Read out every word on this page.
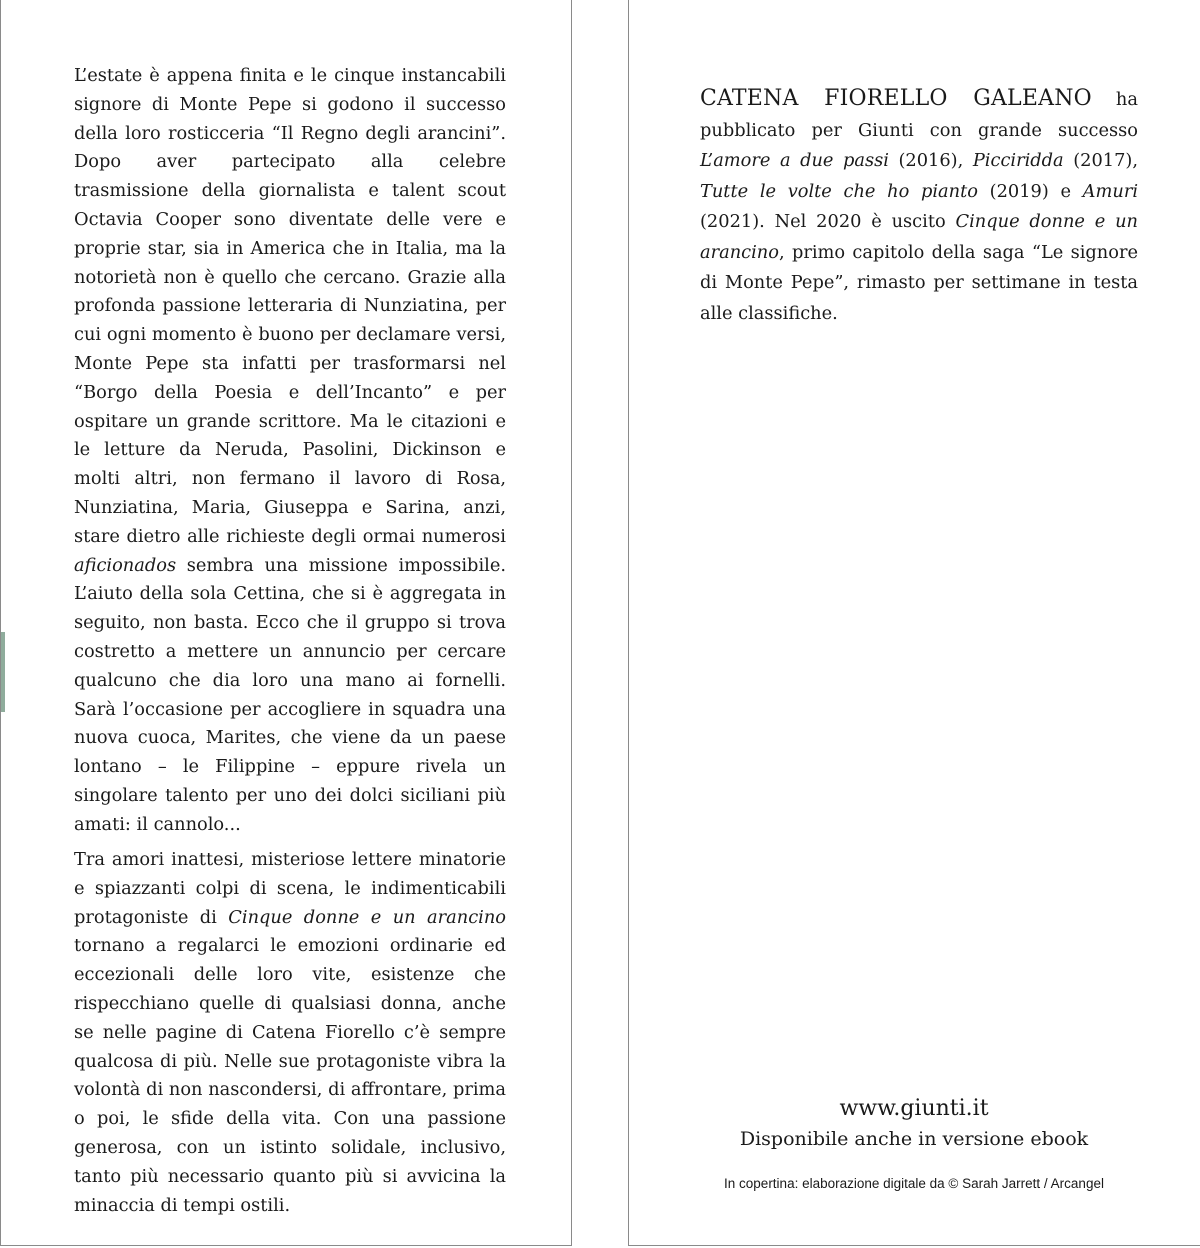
L’estate è appena finita e le cinque instancabili signore di Monte Pepe si godono il successo della loro rosticceria “Il Regno degli arancini”. Dopo aver partecipato alla celebre trasmissione della giornalista e talent scout Octavia Cooper sono diventate delle vere e proprie star, sia in America che in Italia, ma la notorietà non è quello che cercano. Grazie alla profonda passione letteraria di Nunziatina, per cui ogni momento è buono per declamare versi, Monte Pepe sta infatti per trasformarsi nel “Borgo della Poesia e dell’Incanto” e per ospitare un grande scrittore. Ma le citazioni e le letture da Neruda, Pasolini, Dickinson e molti altri, non fermano il lavoro di Rosa, Nunziatina, Maria, Giuseppa e Sarina, anzi, stare dietro alle richieste degli ormai numerosi aficionados sembra una missione impossibile. L’aiuto della sola Cettina, che si è aggregata in seguito, non basta. Ecco che il gruppo si trova costretto a mettere un annuncio per cercare qualcuno che dia loro una mano ai fornelli. Sarà l’occasione per accogliere in squadra una nuova cuoca, Marites, che viene da un paese lontano – le Filippine – eppure rivela un singolare talento per uno dei dolci siciliani più amati: il cannolo...

Tra amori inattesi, misteriose lettere minatorie e spiazzanti colpi di scena, le indimenticabili protagoniste di Cinque donne e un arancino tornano a regalarci le emozioni ordinarie ed eccezionali delle loro vite, esistenze che rispecchiano quelle di qualsiasi donna, anche se nelle pagine di Catena Fiorello c’è sempre qualcosa di più. Nelle sue protagoniste vibra la volontà di non nascondersi, di affrontare, prima o poi, le sfide della vita. Con una passione generosa, con un istinto solidale, inclusivo, tanto più necessario quanto più si avvicina la minaccia di tempi ostili.

CATENA FIORELLO GALEANO ha pubblicato per Giunti con grande successo L’amore a due passi (2016), Picciridda (2017), Tutte le volte che ho pianto (2019) e Amuri (2021). Nel 2020 è uscito Cinque donne e un arancino, primo capitolo della saga “Le signore di Monte Pepe”, rimasto per settimane in testa alle classifiche.

www.giunti.it

Disponibile anche in versione ebook

In copertina: elaborazione digitale da © Sarah Jarrett / Arcangel
